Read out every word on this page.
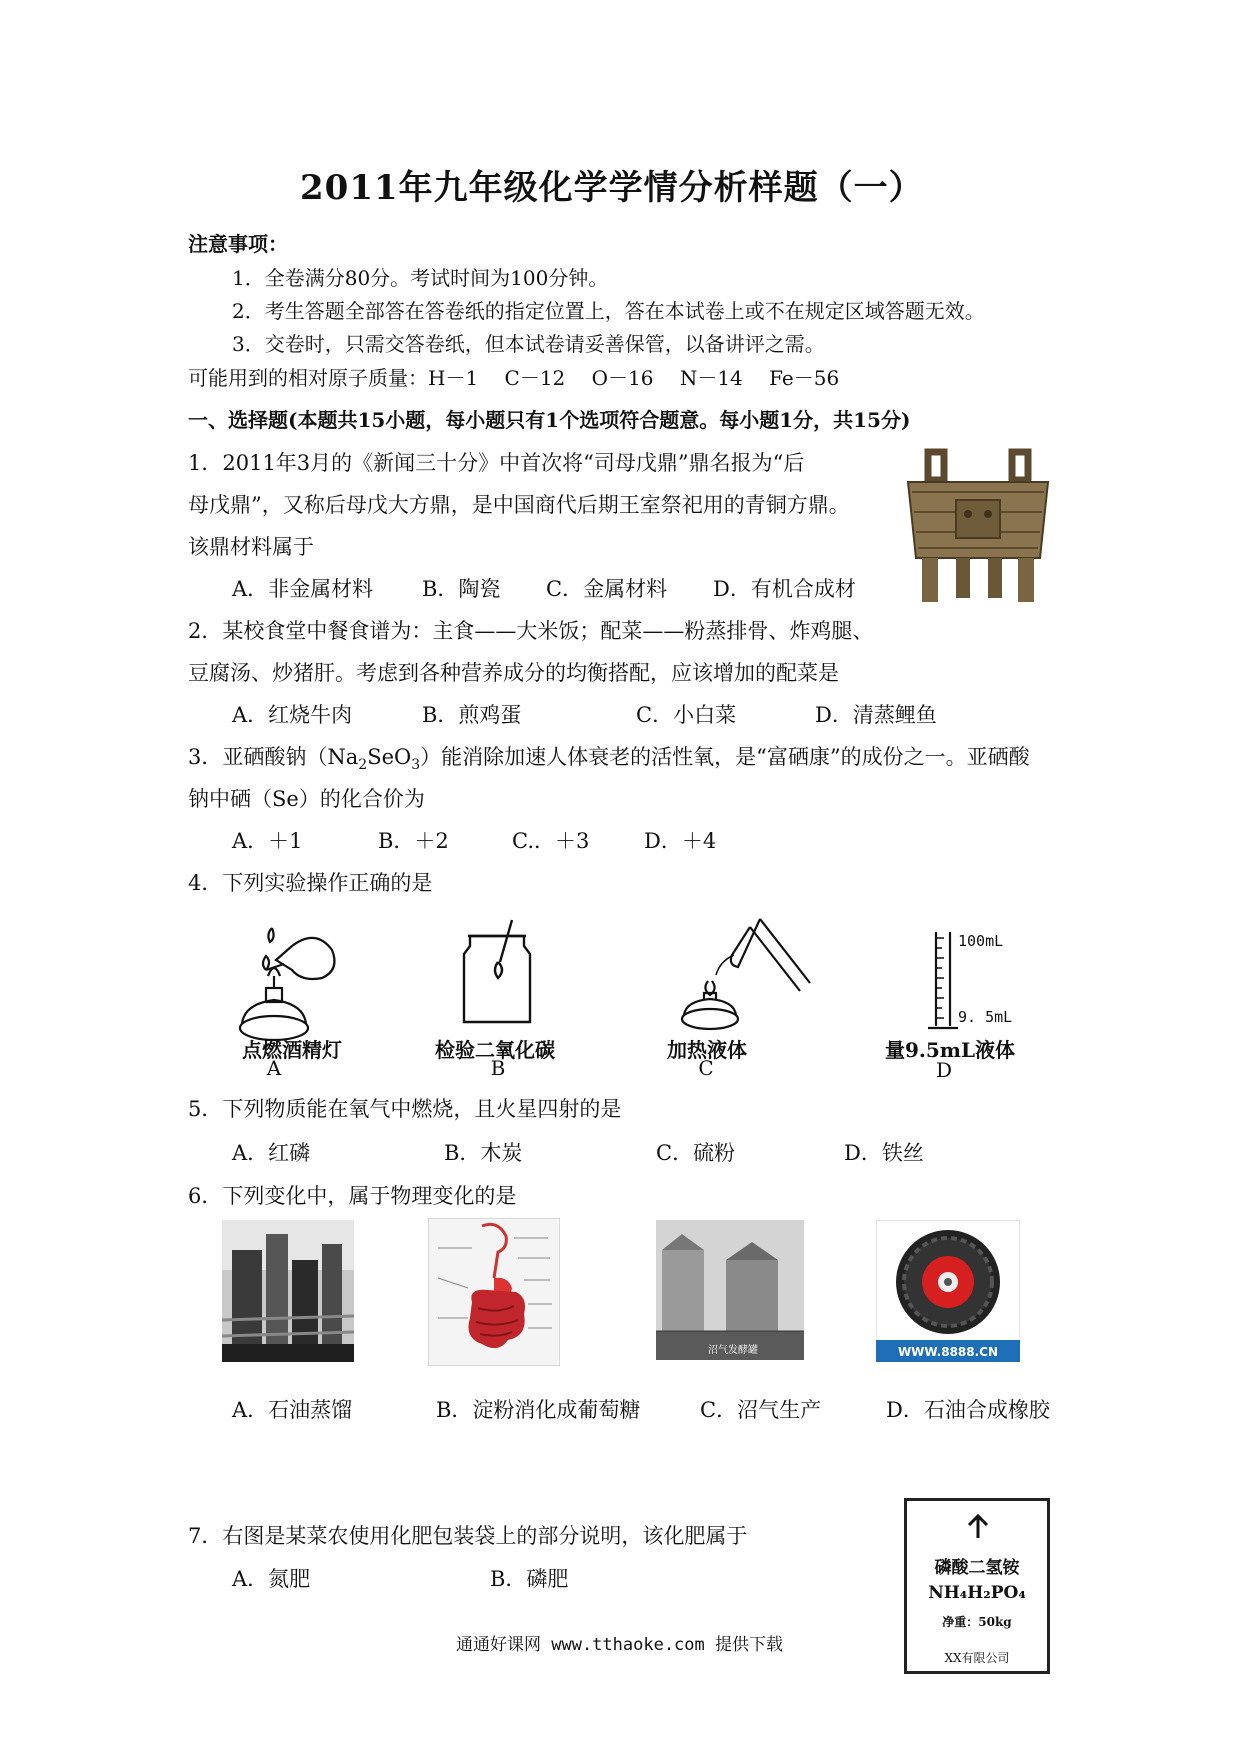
2011年九年级化学学情分析样题（一）
注意事项：
1．全卷满分80分。考试时间为100分钟。
2．考生答题全部答在答卷纸的指定位置上，答在本试卷上或不在规定区域答题无效。
3．交卷时，只需交答卷纸，但本试卷请妥善保管，以备讲评之需。
可能用到的相对原子质量：H－1　 C－12　 O－16　 N－14　 Fe－56
一、选择题(本题共15小题，每小题只有1个选项符合题意。每小题1分，共15分)
1．2011年3月的《新闻三十分》中首次将“司母戊鼎”鼎名报为“后
母戊鼎”，又称后母戊大方鼎，是中国商代后期王室祭祀用的青铜方鼎。
该鼎材料属于
A．非金属材料 B．陶瓷 C．金属材料 D．有机合成材
2．某校食堂中餐食谱为：主食——大米饭；配菜——粉蒸排骨、炸鸡腿、
豆腐汤、炒猪肝。考虑到各种营养成分的均衡搭配，应该增加的配菜是
A．红烧牛肉	B．煎鸡蛋	C．小白菜	D．清蒸鲤鱼
3．亚硒酸钠$(Na_2SeO_3)$能消除加速人体衰老的活性氧，是“富硒康”的成份之一。亚硒酸
钠中硒（Se）的化合价为
A．＋1	B．＋2	C.．＋3	D．＋4
4．下列实验操作正确的是
点燃酒精灯
A
检验二氧化碳
B
加热液体
C
100mL
9. 5mL
量9.5mL液体
D
5．下列物质能在氧气中燃烧，且火星四射的是
A．红磷	B．木炭	C．硫粉	D．铁丝
6．下列变化中，属于物理变化的是
A．石油蒸馏	B．淀粉消化成葡萄糖
沼气发酵罐
C．沼气生产
WWW.8888.CN
D．石油合成橡胶
7．右图是某菜农使用化肥包装袋上的部分说明，该化肥属于
A．氮肥	B．磷肥	磷酸二氢铵
NH₄H₂PO₄
净重：50kg
XX有限公司
通通好课网 www.tthaoke.com 提供下载
